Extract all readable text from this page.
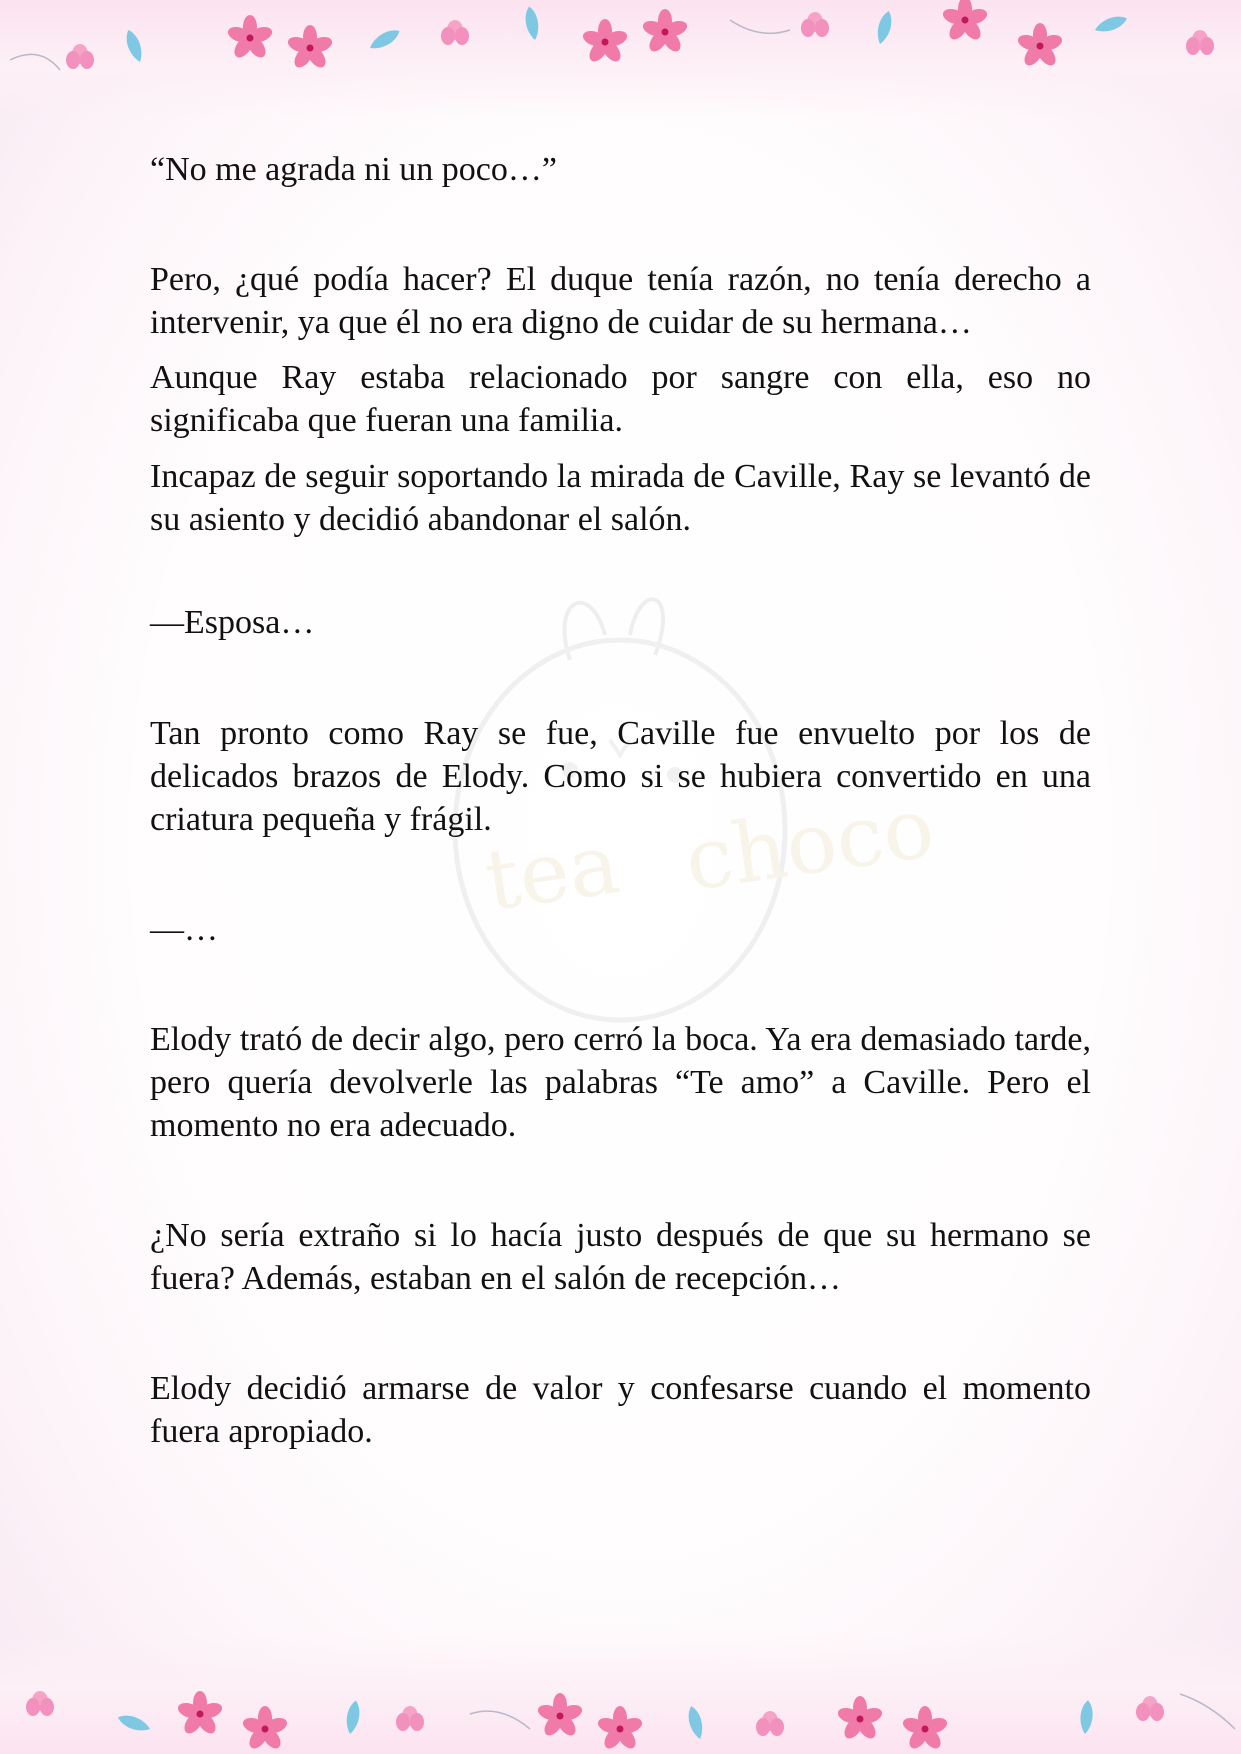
tea choco

“No me agrada ni un poco…”

Pero, ¿qué podía hacer? El duque tenía razón, no tenía derecho a intervenir, ya que él no era digno de cuidar de su hermana…

Aunque Ray estaba relacionado por sangre con ella, eso no significaba que fueran una familia.

Incapaz de seguir soportando la mirada de Caville, Ray se levantó de su asiento y decidió abandonar el salón.

—Esposa…

Tan pronto como Ray se fue, Caville fue envuelto por los de delicados brazos de Elody. Como si se hubiera convertido en una criatura pequeña y frágil.

—…

Elody trató de decir algo, pero cerró la boca. Ya era demasiado tarde, pero quería devolverle las palabras “Te amo” a Caville. Pero el momento no era adecuado.

¿No sería extraño si lo hacía justo después de que su hermano se fuera? Además, estaban en el salón de recepción…

Elody decidió armarse de valor y confesarse cuando el momento fuera apropiado.
